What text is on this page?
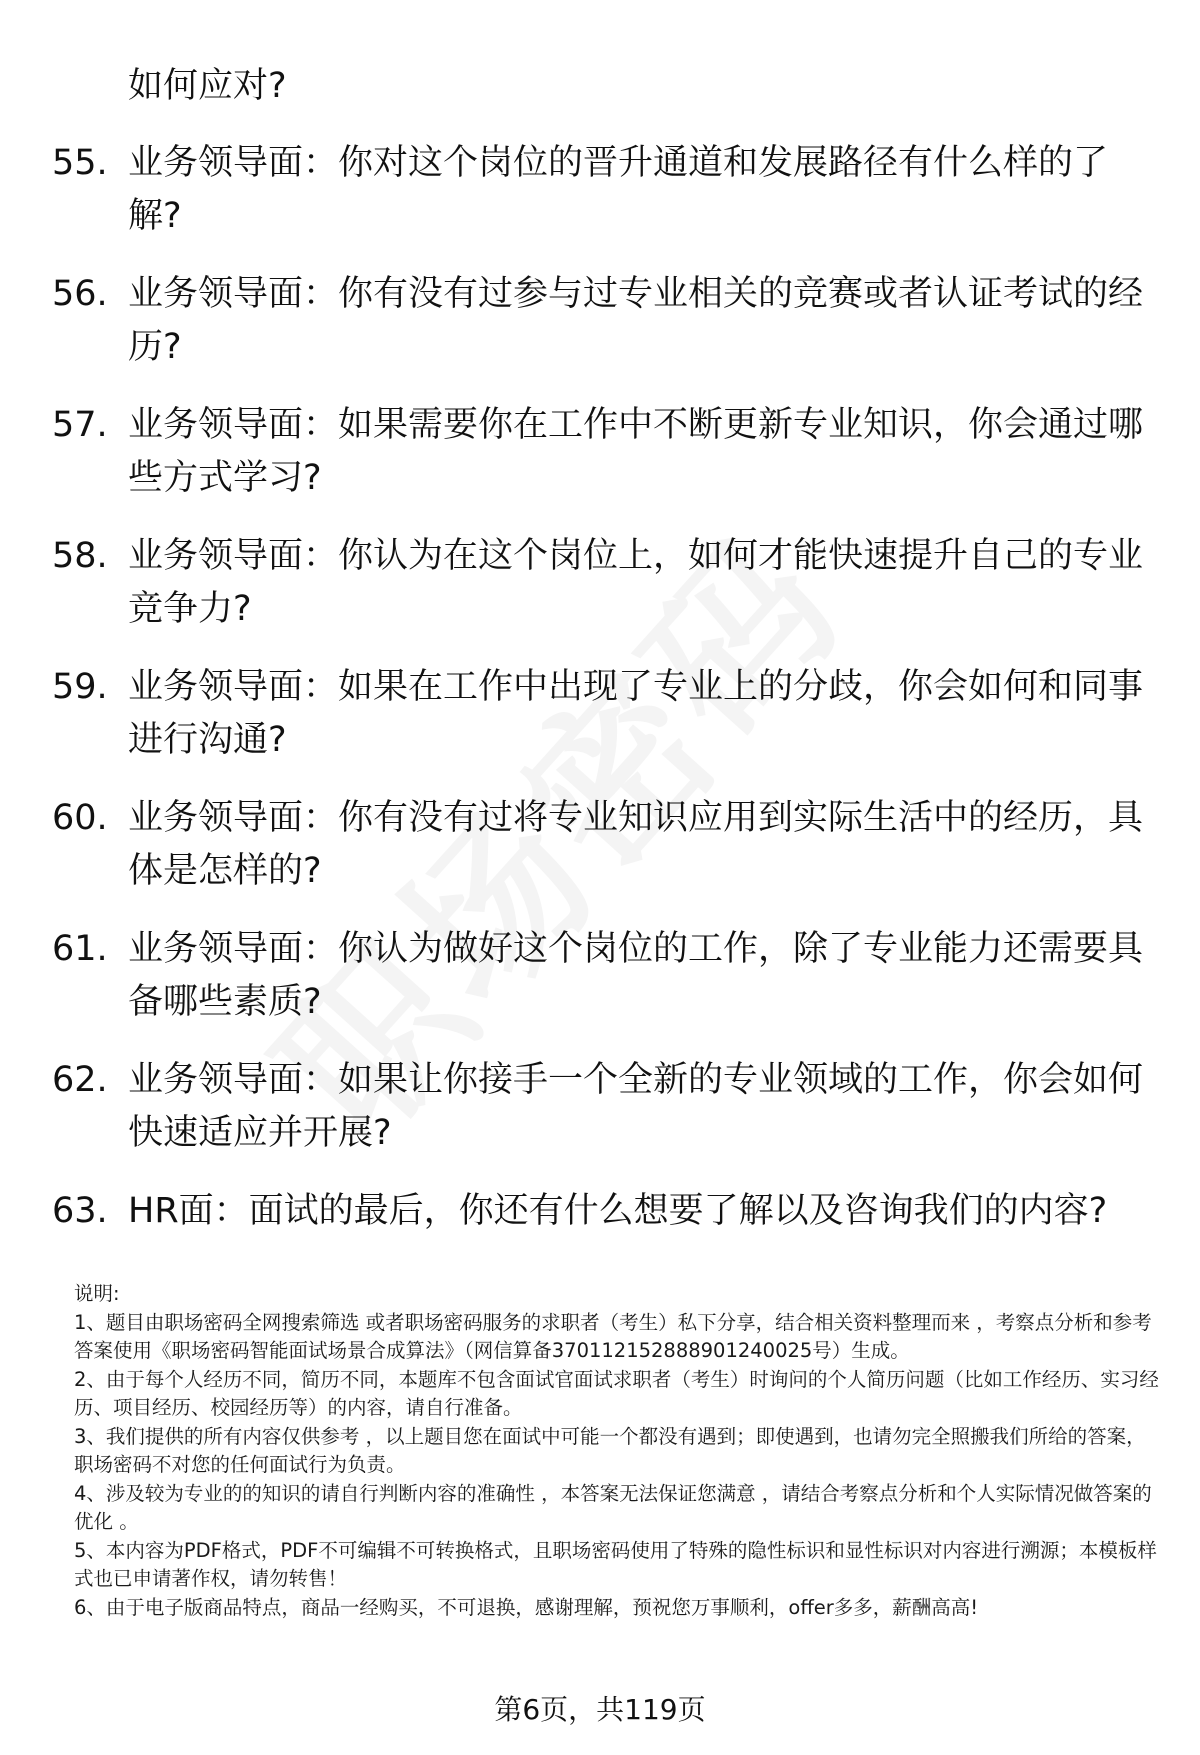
如何应对?
55. 业务领导面：你对这个岗位的晋升通道和发展路径有什么样的了解?
56. 业务领导面：你有没有过参与过专业相关的竞赛或者认证考试的经历?
57. 业务领导面：如果需要你在工作中不断更新专业知识，你会通过哪些方式学习?
58. 业务领导面：你认为在这个岗位上，如何才能快速提升自己的专业竞争力?
59. 业务领导面：如果在工作中出现了专业上的分歧，你会如何和同事进行沟通?
60. 业务领导面：你有没有过将专业知识应用到实际生活中的经历，具体是怎样的?
61. 业务领导面：你认为做好这个岗位的工作，除了专业能力还需要具备哪些素质?
62. 业务领导面：如果让你接手一个全新的专业领域的工作，你会如何快速适应并开展?
63. HR面：面试的最后，你还有什么想要了解以及咨询我们的内容?
说明:
1、题目由职场密码全网搜索筛选 或者职场密码服务的求职者（考生）私下分享，结合相关资料整理而来 ，考察点分析和参考答案使用《职场密码智能面试场景合成算法》（网信算备370112152888901240025号）生成。
2、由于每个人经历不同，简历不同，本题库不包含面试官面试求职者（考生）时询问的个人简历问题（比如工作经历、实习经历、项目经历、校园经历等）的内容，请自行准备。
3、我们提供的所有内容仅供参考 ，以上题目您在面试中可能一个都没有遇到；即使遇到，也请勿完全照搬我们所给的答案，职场密码不对您的任何面试行为负责。
4、涉及较为专业的的知识的请自行判断内容的准确性 ，本答案无法保证您满意 ，请结合考察点分析和个人实际情况做答案的优化 。
5、本内容为PDF格式，PDF不可编辑不可转换格式，且职场密码使用了特殊的隐性标识和显性标识对内容进行溯源；本模板样式也已申请著作权，请勿转售！
6、由于电子版商品特点，商品一经购买，不可退换，感谢理解，预祝您万事顺利，offer多多，薪酬高高!
第6页，共119页
